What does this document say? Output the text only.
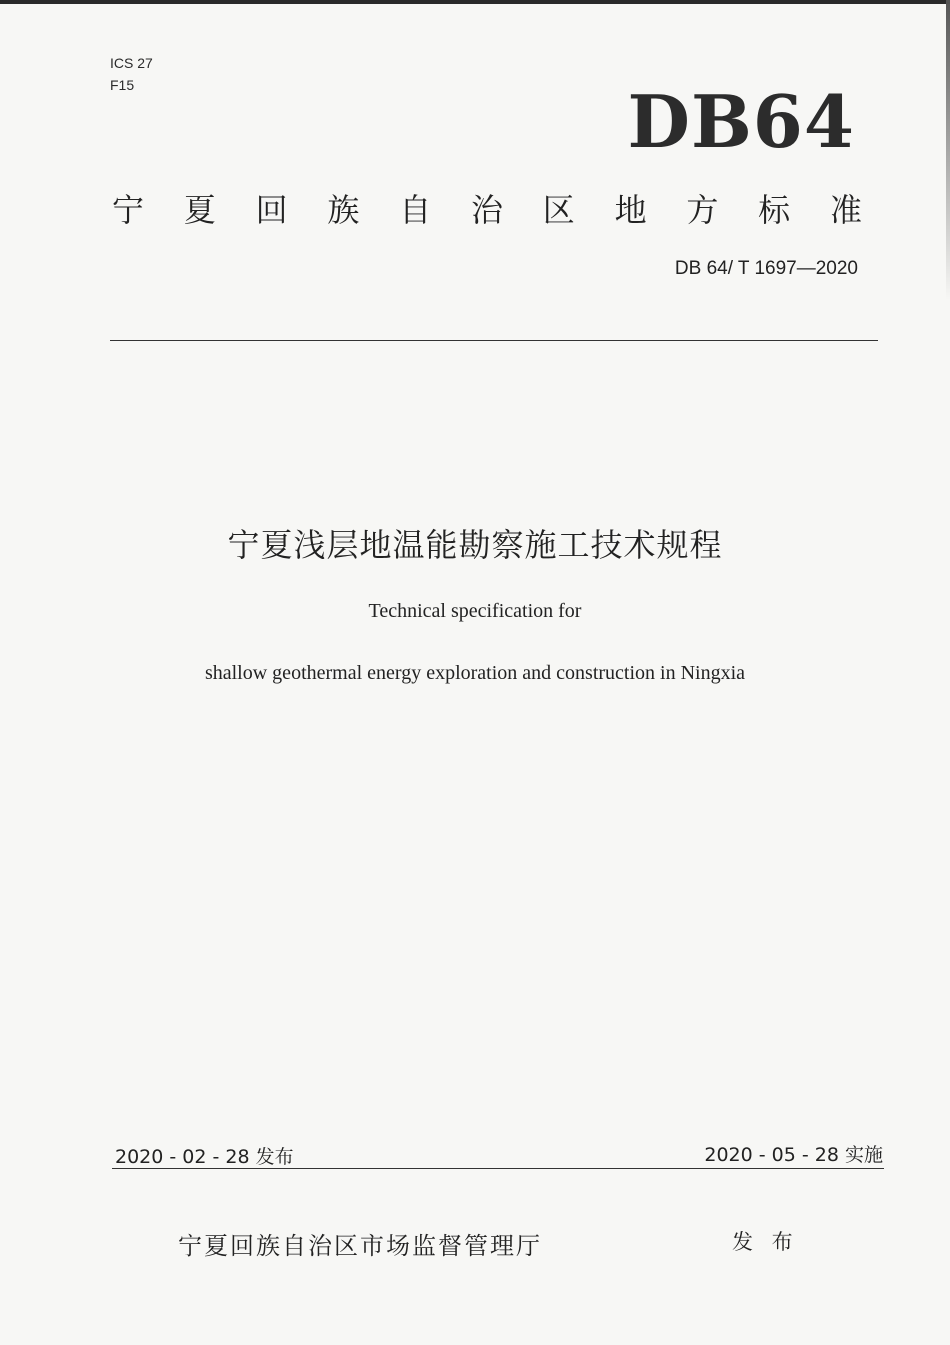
ICS 27
F15	DB64
宁 夏 回 族 自 治 区 地 方 标 准
DB 64/ T 1697—2020
宁夏浅层地温能勘察施工技术规程
Technical specification for
shallow geothermal energy exploration and construction in Ningxia
2020 - 02 - 28 发布	2020 - 05 - 28 实施
宁夏回族自治区市场监督管理厅	发 布
